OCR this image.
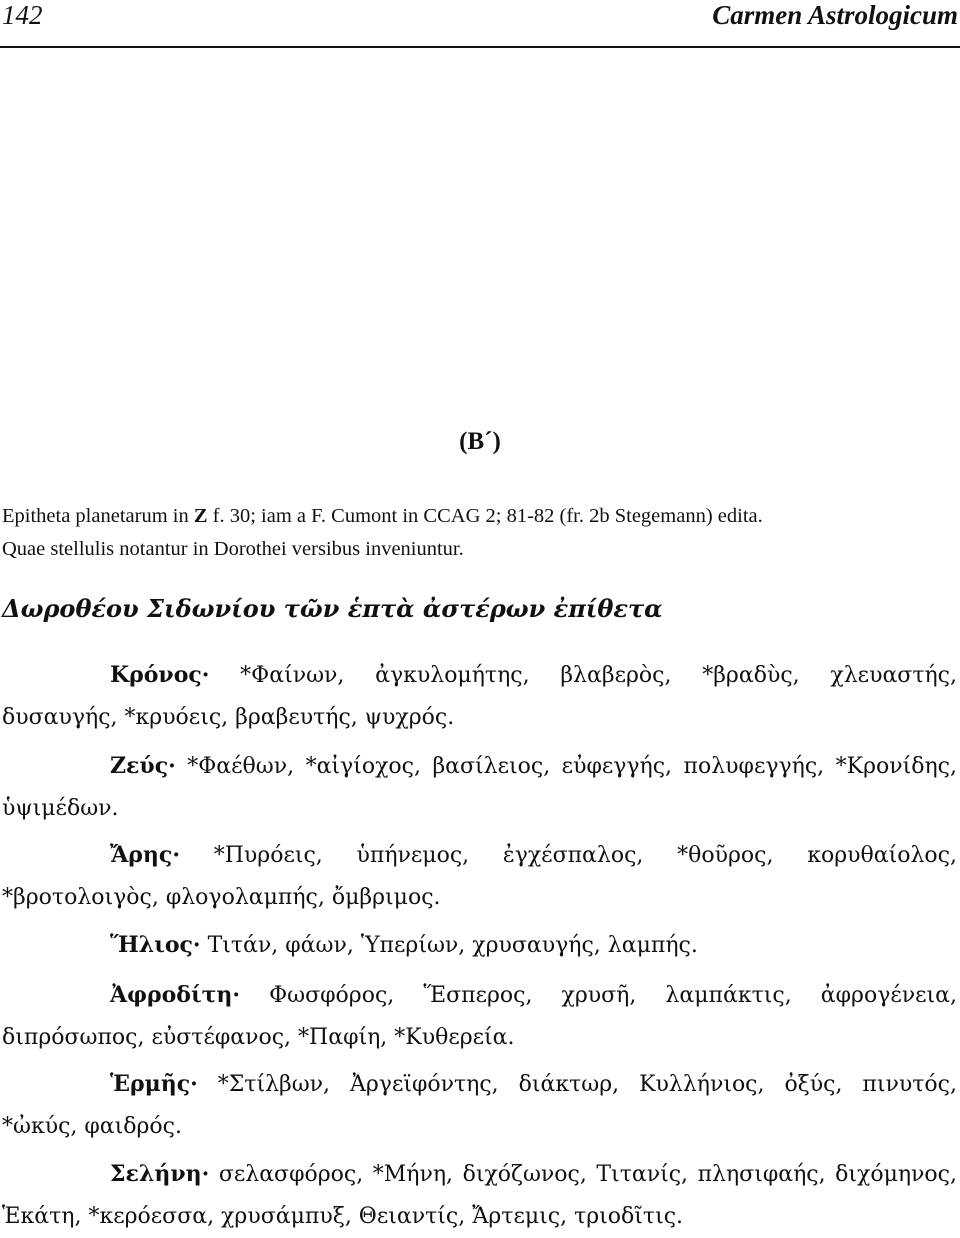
142	Carmen Astrologicum
(B´)
Epitheta planetarum in Z f. 30; iam a F. Cumont in CCAG 2; 81-82 (fr. 2b Stegemann) edita.
Quae stellulis notantur in Dorothei versibus inveniuntur.
Δωροθέου Σιδωνίου τῶν ἑπτὰ ἀστέρων ἐπίθετα
Κρόνος· *Φαίνων, ἀγκυλομήτης, βλαβερὸς, *βραδὺς, χλευαστής, δυσαυγής, *κρυόεις, βραβευτής, ψυχρός.
Ζεύς· *Φαέθων, *αἰγίοχος, βασίλειος, εὐφεγγής, πολυφεγγής, *Κρονίδης, ὑψιμέδων.
Ἄρης· *Πυρόεις, ὑπήνεμος, ἐγχέσπαλος, *θοῦρος, κορυθαίολος, *βροτολοιγὸς, φλογολαμπής, ὄμβριμος.
Ἥλιος· Τιτάν, φάων, Ὑπερίων, χρυσαυγής, λαμπής.
Ἀφροδίτη· Φωσφόρος, Ἕσπερος, χρυσῆ, λαμπάκτις, ἀφρογένεια, διπρόσωπος, εὐστέφανος, *Παφίη, *Κυθερεία.
Ἑρμῆς· *Στίλβων, Ἀργεϊφόντης, διάκτωρ, Κυλλήνιος, ὀξύς, πινυτός, *ὠκύς, φαιδρός.
Σελήνη· σελασφόρος, *Μήνη, διχόζωνος, Τιτανίς, πλησιφαής, διχόμηνος, Ἑκάτη, *κερόεσσα, χρυσάμπυξ, Θειαντίς, Ἄρτεμις, τριοδῖτις.
